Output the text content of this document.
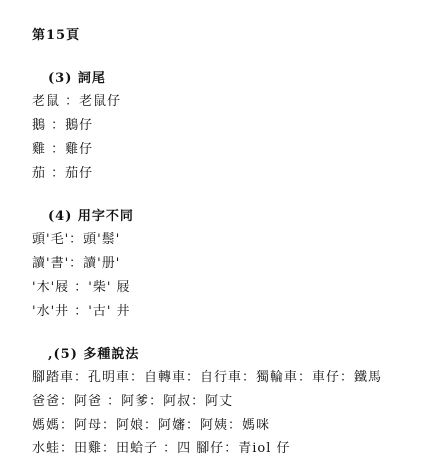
第15頁

(3) 詞尾

老鼠 ：老鼠仔

鵝 ：鵝仔

雞 ：雞仔

茄 ：茄仔

(4) 用字不同

頭'毛'：頭'鬃'

讀'書'：讀'册'

'木'屐 ：'柴' 屐

'水'井 ：'古' 井

,(5) 多種說法

腳踏車：孔明車：自轉車：自行車：獨輪車：車仔：鐵馬

爸爸：阿爸 ：阿爹：阿叔：阿丈

媽媽：阿母：阿娘：阿嬸：阿姨：媽咪

水蛙：田雞：田蛤子 ：四 腳仔：青iol 仔
